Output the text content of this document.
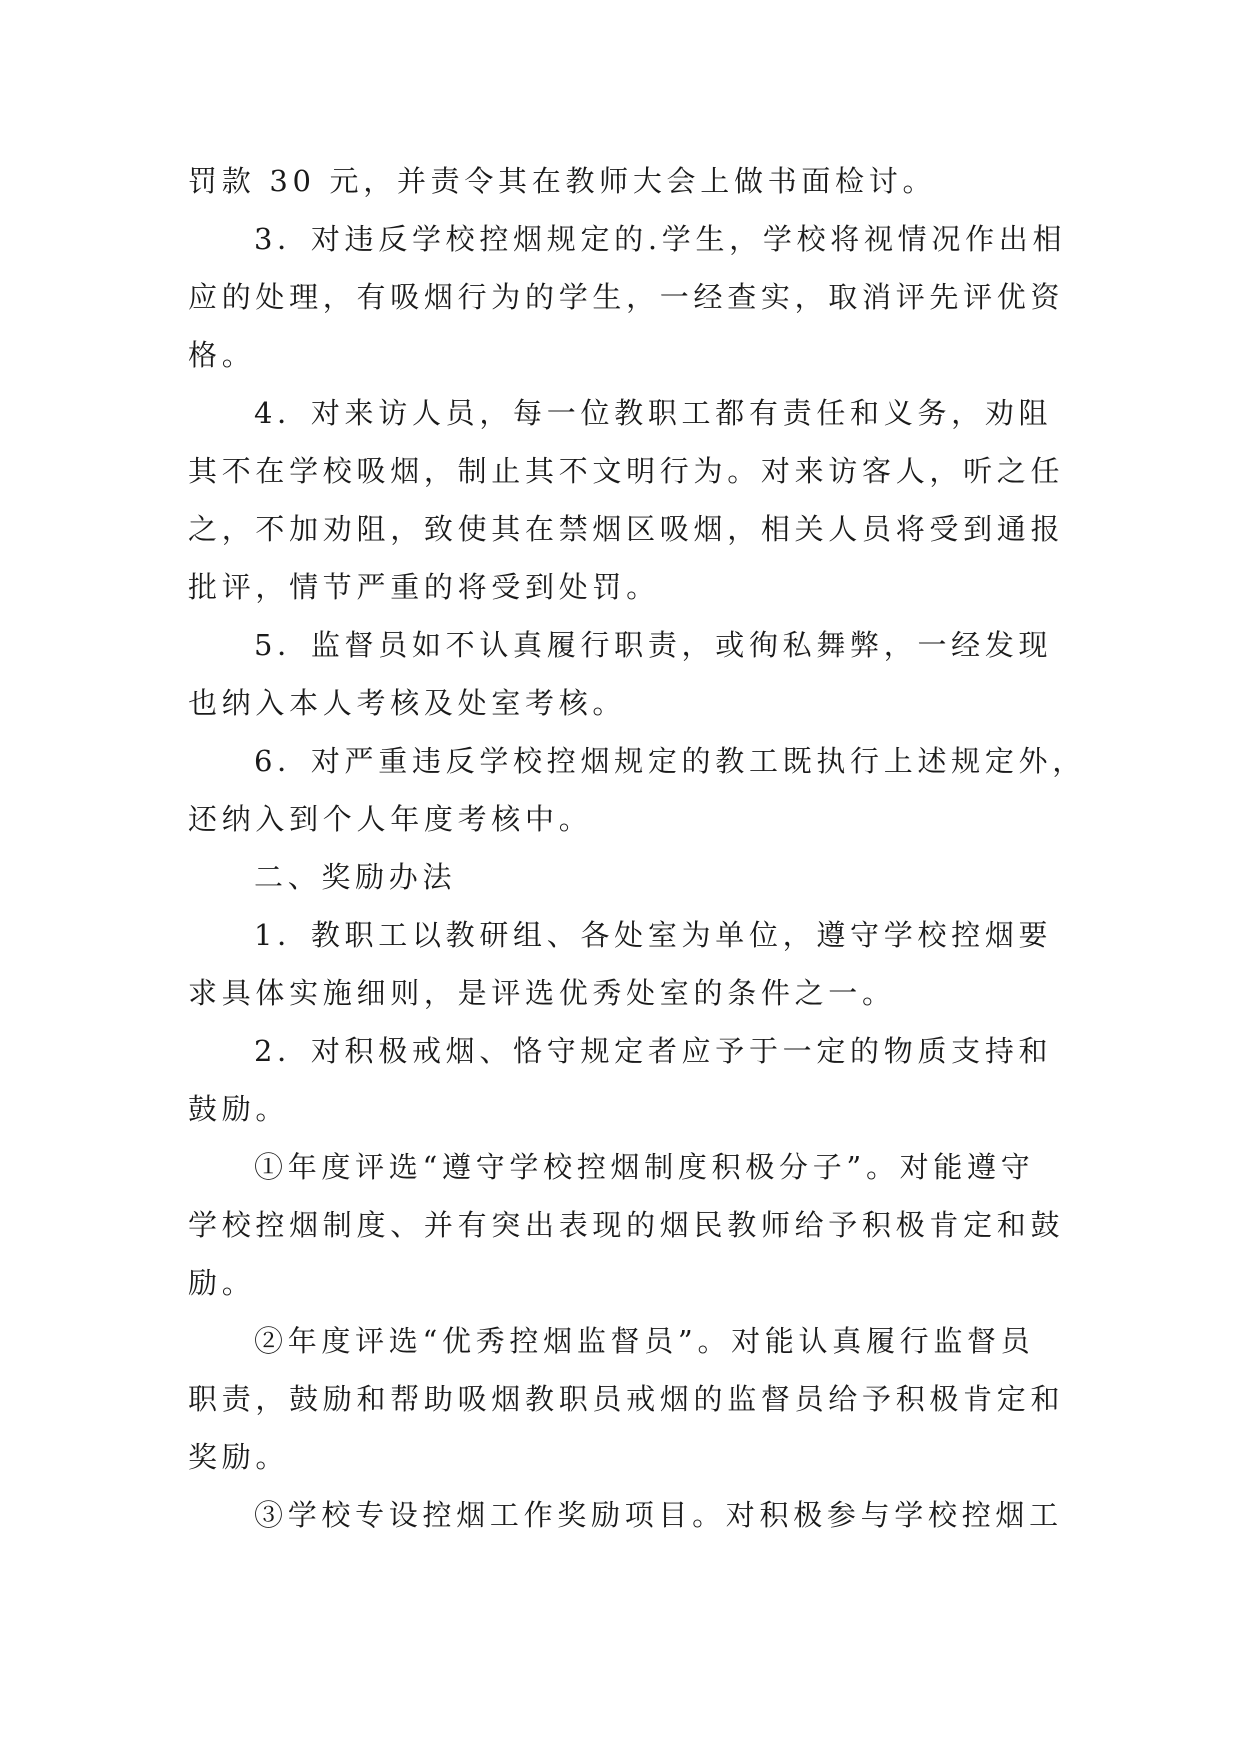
罚款 30 元，并责令其在教师大会上做书面检讨。
3．对违反学校控烟规定的.学生，学校将视情况作出相
应的处理，有吸烟行为的学生，一经查实，取消评先评优资
格。
4．对来访人员，每一位教职工都有责任和义务，劝阻
其不在学校吸烟，制止其不文明行为。对来访客人，听之任
之，不加劝阻，致使其在禁烟区吸烟，相关人员将受到通报
批评，情节严重的将受到处罚。
5．监督员如不认真履行职责，或徇私舞弊，一经发现
也纳入本人考核及处室考核。
6．对严重违反学校控烟规定的教工既执行上述规定外，
还纳入到个人年度考核中。
二、奖励办法
1．教职工以教研组、各处室为单位，遵守学校控烟要
求具体实施细则，是评选优秀处室的条件之一。
2．对积极戒烟、恪守规定者应予于一定的物质支持和
鼓励。
①年度评选“遵守学校控烟制度积极分子”。对能遵守
学校控烟制度、并有突出表现的烟民教师给予积极肯定和鼓
励。
②年度评选“优秀控烟监督员”。对能认真履行监督员
职责，鼓励和帮助吸烟教职员戒烟的监督员给予积极肯定和
奖励。
③学校专设控烟工作奖励项目。对积极参与学校控烟工
